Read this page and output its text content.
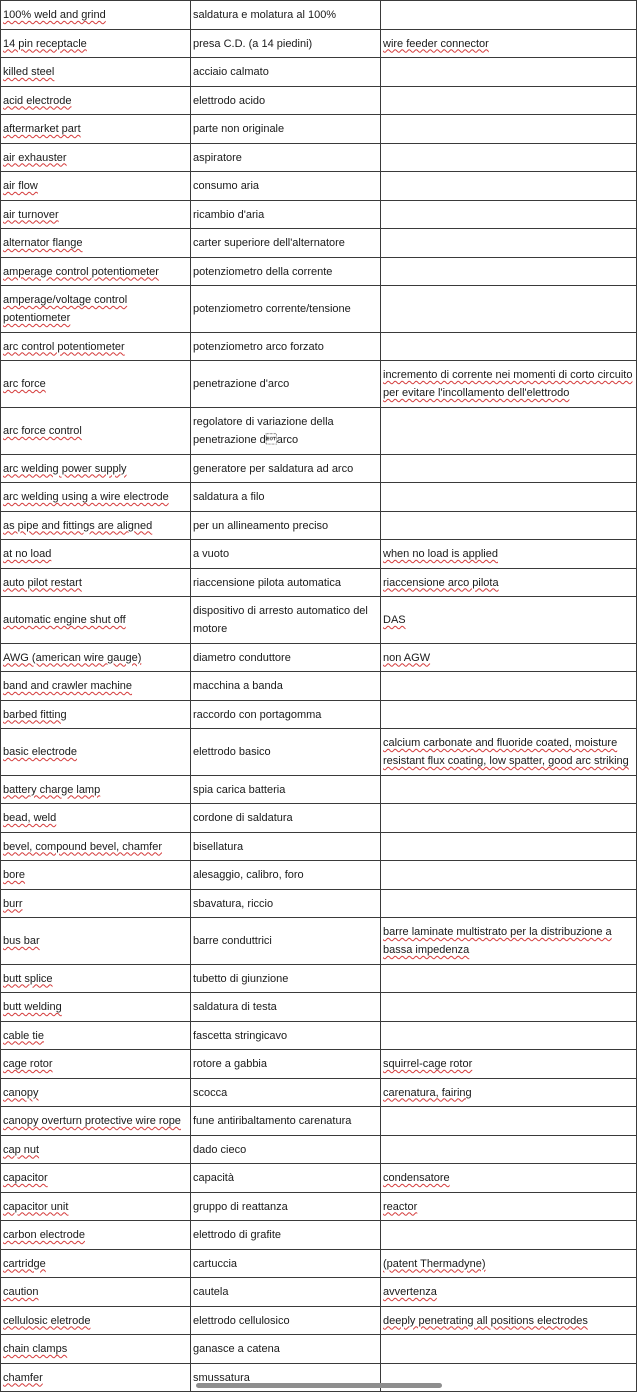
100% weld and grind	saldatura e molatura al 100%	
14 pin receptacle	presa C.D. (a 14 piedini)	wire feeder connector
killed steel	acciaio calmato	
acid electrode	elettrodo acido	
aftermarket part	parte non originale	
air exhauster	aspiratore	
air flow	consumo aria	
air turnover	ricambio d'aria	
alternator flange	carter superiore dell'alternatore	
amperage control potentiometer	potenziometro della corrente	
amperage/voltage control potentiometer	potenziometro corrente/tensione	
arc control potentiometer	potenziometro arco forzato	
arc force	penetrazione d'arco	incremento di corrente nei momenti di corto circuito per evitare l'incollamento dell'elettrodo
arc force control	regolatore di variazione della penetrazione darco	
arc welding power supply	generatore per saldatura ad arco	
arc welding using a wire electrode	saldatura a filo	
as pipe and fittings are aligned	per un allineamento preciso	
at no load	a vuoto	when no load is applied
auto pilot restart	riaccensione pilota automatica	riaccensione arco pilota
automatic engine shut off	dispositivo di arresto automatico del motore	DAS
AWG (american wire gauge)	diametro conduttore	non AGW
band and crawler machine	macchina a banda	
barbed fitting	raccordo con portagomma	
basic electrode	elettrodo basico	calcium carbonate and fluoride coated, moisture resistant flux coating, low spatter, good arc striking
battery charge lamp	spia carica batteria	
bead, weld	cordone di saldatura	
bevel, compound bevel, chamfer	bisellatura	
bore	alesaggio, calibro, foro	
burr	sbavatura, riccio	
bus bar	barre conduttrici	barre laminate multistrato per la distribuzione a bassa impedenza
butt splice	tubetto di giunzione	
butt welding	saldatura di testa	
cable tie	fascetta stringicavo	
cage rotor	rotore a gabbia	squirrel-cage rotor
canopy	scocca	carenatura, fairing
canopy overturn protective wire rope	fune antiribaltamento carenatura	
cap nut	dado cieco	
capacitor	capacità	condensatore
capacitor unit	gruppo di reattanza	reactor
carbon electrode	elettrodo di grafite	
cartridge	cartuccia	(patent Thermadyne)
caution	cautela	avvertenza
cellulosic eletrode	elettrodo cellulosico	deeply penetrating all positions electrodes
chain clamps	ganasce a catena	
chamfer	smussatura	
